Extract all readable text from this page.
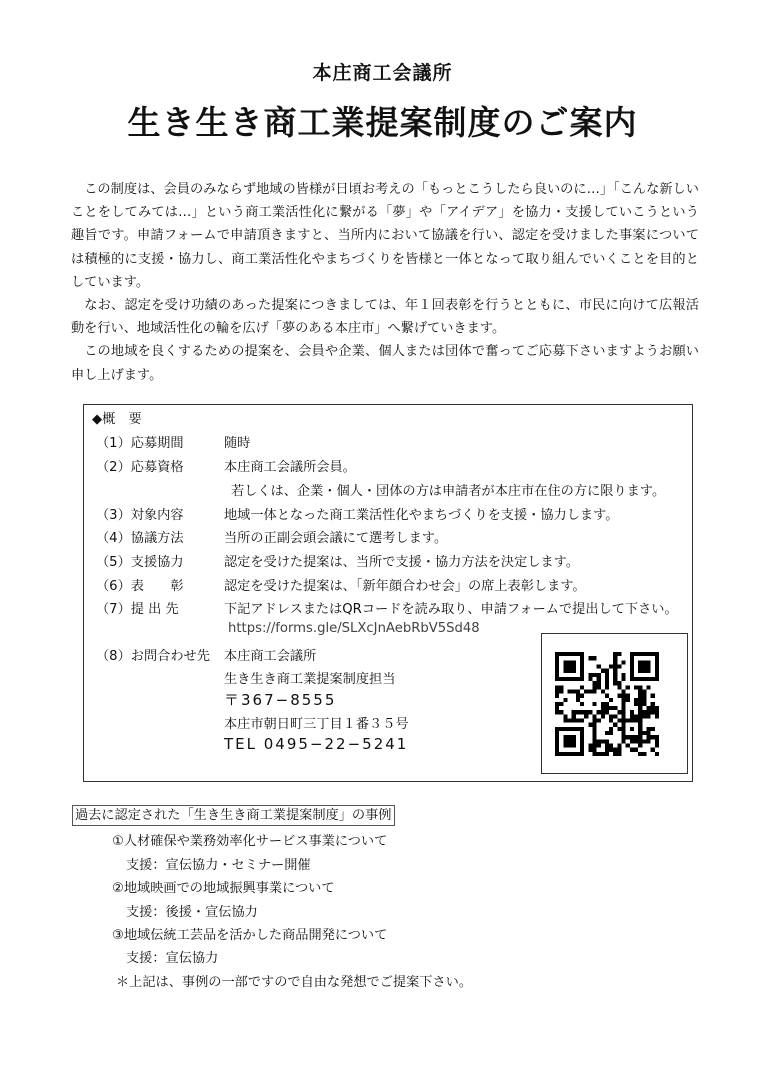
本庄商工会議所
生き生き商工業提案制度のご案内

この制度は、会員のみならず地域の皆様が日頃お考えの「もっとこうしたら良いのに…」「こんな新しいことをしてみては…」という商工業活性化に繋がる「夢」や「アイデア」を協力・支援していこうという趣旨です。申請フォームで申請頂きますと、当所内において協議を行い、認定を受けました事案については積極的に支援・協力し、商工業活性化やまちづくりを皆様と一体となって取り組んでいくことを目的としています。

なお、認定を受け功績のあった提案につきましては、年１回表彰を行うとともに、市民に向けて広報活動を行い、地域活性化の輪を広げ「夢のある本庄市」へ繋げていきます。

この地域を良くするための提案を、会員や企業、個人または団体で奮ってご応募下さいますようお願い申し上げます。

◆概　要
（1）応募期間	随時
（2）応募資格	本庄商工会議所会員。
若しくは、企業・個人・団体の方は申請者が本庄市在住の方に限ります。
（3）対象内容	地域一体となった商工業活性化やまちづくりを支援・協力します。
（4）協議方法	当所の正副会頭会議にて選考します。
（5）支援協力	認定を受けた提案は、当所で支援・協力方法を決定します。
（6）表　　彰	認定を受けた提案は、「新年顔合わせ会」の席上表彰します。
（7）提 出 先	下記アドレスまたはQRコードを読み取り、申請フォームで提出して下さい。
https://forms.gle/SLXcJnAebRbV5Sd48
（8）お問合わせ先 本庄商工会議所
生き生き商工業提案制度担当
〒367−8555
本庄市朝日町三丁目１番３５号
TEL 0495−22−5241
過去に認定された「生き生き商工業提案制度」の事例
①人材確保や業務効率化サービス事業について
支援：宣伝協力・セミナー開催
②地域映画での地域振興事業について
支援：後援・宣伝協力
③地域伝統工芸品を活かした商品開発について
支援：宣伝協力
＊上記は、事例の一部ですので自由な発想でご提案下さい。
